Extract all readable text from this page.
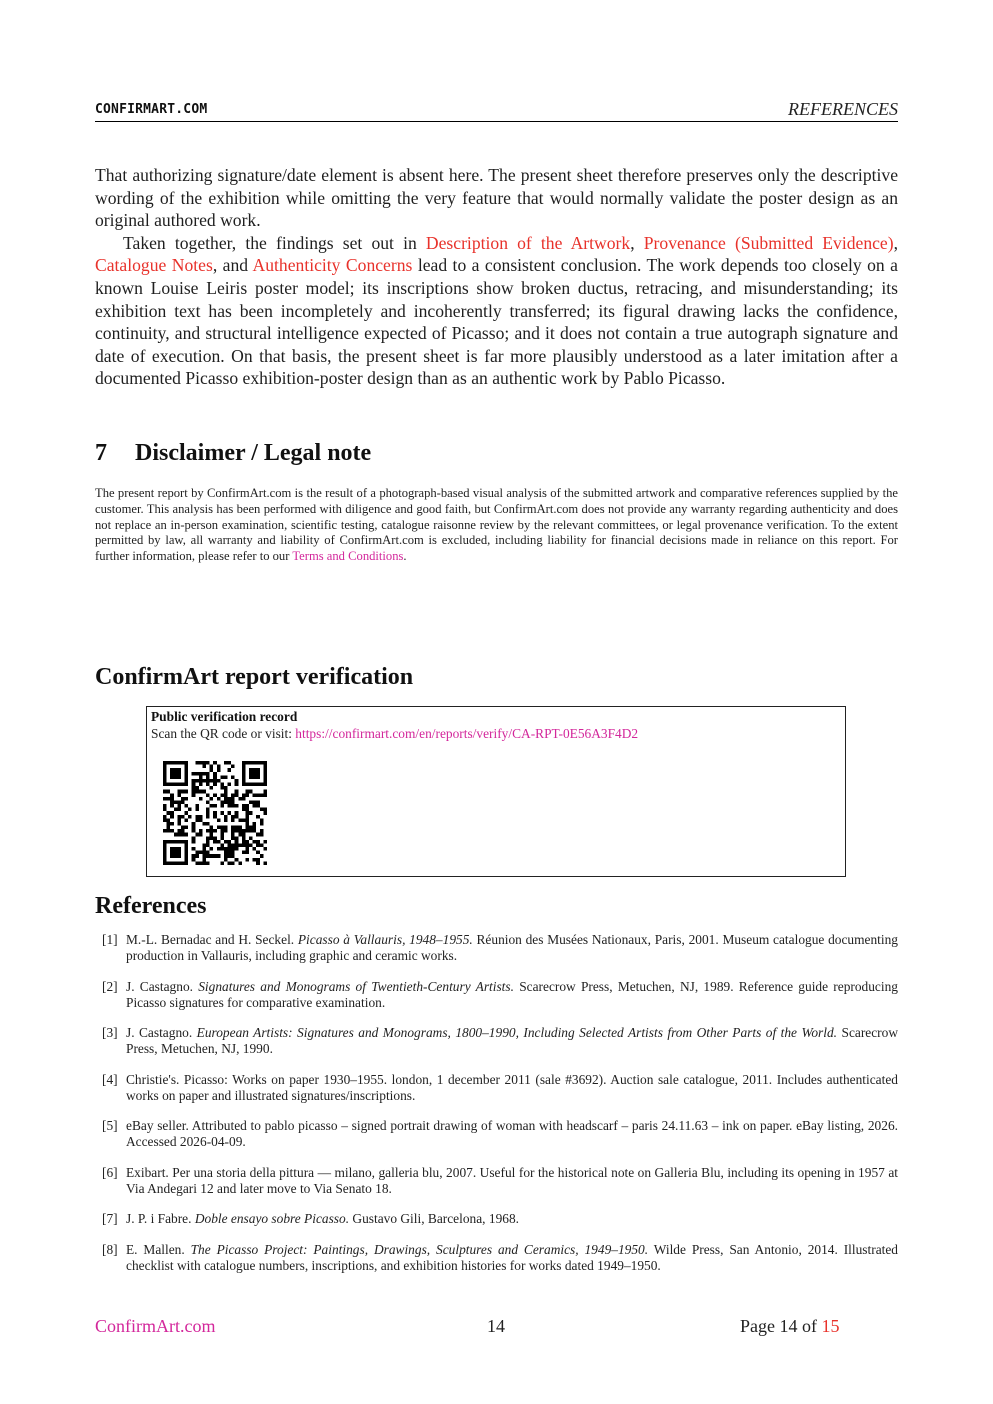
CONFIRMART.COM	REFERENCES

That authorizing signature/date element is absent here. The present sheet therefore preserves only the descriptive wording of the exhibition while omitting the very feature that would normally validate the poster design as an original authored work.

Taken together, the findings set out in Description of the Artwork, Provenance (Submitted Evidence), Catalogue Notes, and Authenticity Concerns lead to a consistent conclusion. The work depends too closely on a known Louise Leiris poster model; its inscriptions show broken ductus, retracing, and misunderstanding; its exhibition text has been incompletely and incoherently transferred; its figural drawing lacks the confidence, continuity, and structural intelligence expected of Picasso; and it does not contain a true autograph signature and date of execution. On that basis, the present sheet is far more plausibly understood as a later imitation after a documented Picasso exhibition-poster design than as an authentic work by Pablo Picasso.

7 Disclaimer / Legal note

The present report by ConfirmArt.com is the result of a photograph-based visual analysis of the submitted artwork and comparative references supplied by the customer. This analysis has been performed with diligence and good faith, but ConfirmArt.com does not provide any warranty regarding authenticity and does not replace an in-person examination, scientific testing, catalogue raisonne review by the relevant committees, or legal provenance verification. To the extent permitted by law, all warranty and liability of ConfirmArt.com is excluded, including liability for financial decisions made in reliance on this report. For further information, please refer to our Terms and Conditions.

ConfirmArt report verification
Public verification record
Scan the QR code or visit: https://confirmart.com/en/reports/verify/CA-RPT-0E56A3F4D2
References
[1] M.-L. Bernadac and H. Seckel. Picasso à Vallauris, 1948–1955. Réunion des Musées Nationaux, Paris, 2001. Museum catalogue documenting production in Vallauris, including graphic and ceramic works.
[2] J. Castagno. Signatures and Monograms of Twentieth-Century Artists. Scarecrow Press, Metuchen, NJ, 1989. Reference guide reproducing Picasso signatures for comparative examination.
[3] J. Castagno. European Artists: Signatures and Monograms, 1800–1990, Including Selected Artists from Other Parts of the World. Scarecrow Press, Metuchen, NJ, 1990.
[4] Christie's. Picasso: Works on paper 1930–1955. london, 1 december 2011 (sale #3692). Auction sale catalogue, 2011. Includes authenticated works on paper and illustrated signatures/inscriptions.
[5] eBay seller. Attributed to pablo picasso – signed portrait drawing of woman with headscarf – paris 24.11.63 – ink on paper. eBay listing, 2026. Accessed 2026-04-09.
[6] Exibart. Per una storia della pittura — milano, galleria blu, 2007. Useful for the historical note on Galleria Blu, including its opening in 1957 at Via Andegari 12 and later move to Via Senato 18.
[7] J. P. i Fabre. Doble ensayo sobre Picasso. Gustavo Gili, Barcelona, 1968.
[8] E. Mallen. The Picasso Project: Paintings, Drawings, Sculptures and Ceramics, 1949–1950. Wilde Press, San Antonio, 2014. Illustrated checklist with catalogue numbers, inscriptions, and exhibition histories for works dated 1949–1950.
ConfirmArt.com	14	Page 14 of 15
